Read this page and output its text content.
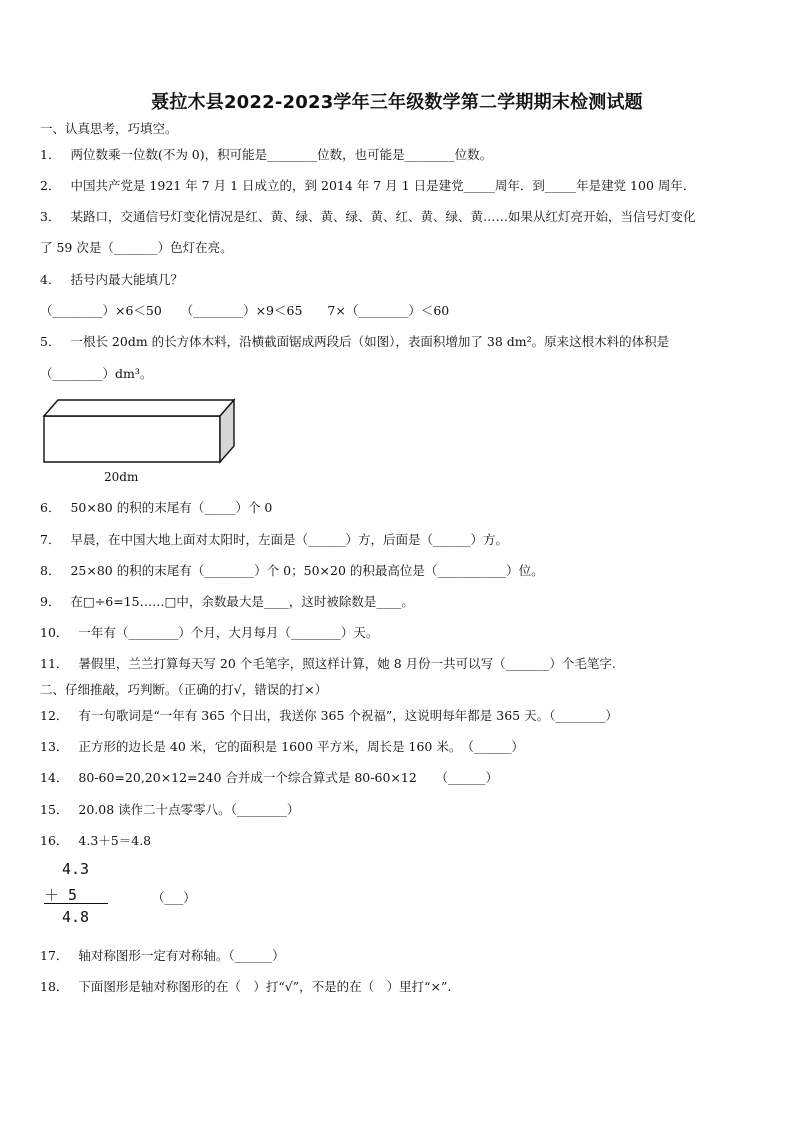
聂拉木县2022-2023学年三年级数学第二学期期末检测试题
一、认真思考，巧填空。
1． 两位数乘一位数(不为 0)，积可能是________位数，也可能是________位数。
2． 中国共产党是 1921 年 7 月 1 日成立的，到 2014 年 7 月 1 日是建党_____周年．到_____年是建党 100 周年．
3． 某路口，交通信号灯变化情况是红、黄、绿、黄、绿、黄、红、黄、绿、黄……如果从红灯亮开始，当信号灯变化
了 59 次是（_______）色灯在亮。
4． 括号内最大能填几？
（________）×6＜50　　（________）×9＜65　　7×（________）＜60
5． 一根长 20dm 的长方体木料，沿横截面锯成两段后（如图），表面积增加了 38 dm²。原来这根木料的体积是
（________）dm³。
20dm
6． 50×80 的积的末尾有（_____）个 0
7． 早晨，在中国大地上面对太阳时，左面是（______）方，后面是（______）方。
8． 25×80 的积的末尾有（________）个 0；50×20 的积最高位是（___________）位。
9． 在□÷6=15……□中，余数最大是____，这时被除数是____。
10． 一年有（________）个月，大月每月（________）天。
11． 暑假里，兰兰打算每天写 20 个毛笔字，照这样计算，她 8 月份一共可以写（_______）个毛笔字.
二、仔细推敲，巧判断。（正确的打√，错误的打×）
12． 有一句歌词是“一年有 365 个日出，我送你 365 个祝福”，这说明每年都是 365 天。（________）
13． 正方形的边长是 40 米，它的面积是 1600 平方米，周长是 160 米。　（______）
14． 80-60=20,20×12=240 合并成一个综合算式是 80-60×12　　（______）
15． 20.08 读作二十点零零八。（________）
16． 4.3＋5＝4.8
4.3
＋ 5
4.8
（___）
17． 轴对称图形一定有对称轴。（______）
18． 下面图形是轴对称图形的在（　）打“√”，不是的在（　）里打“×”.
